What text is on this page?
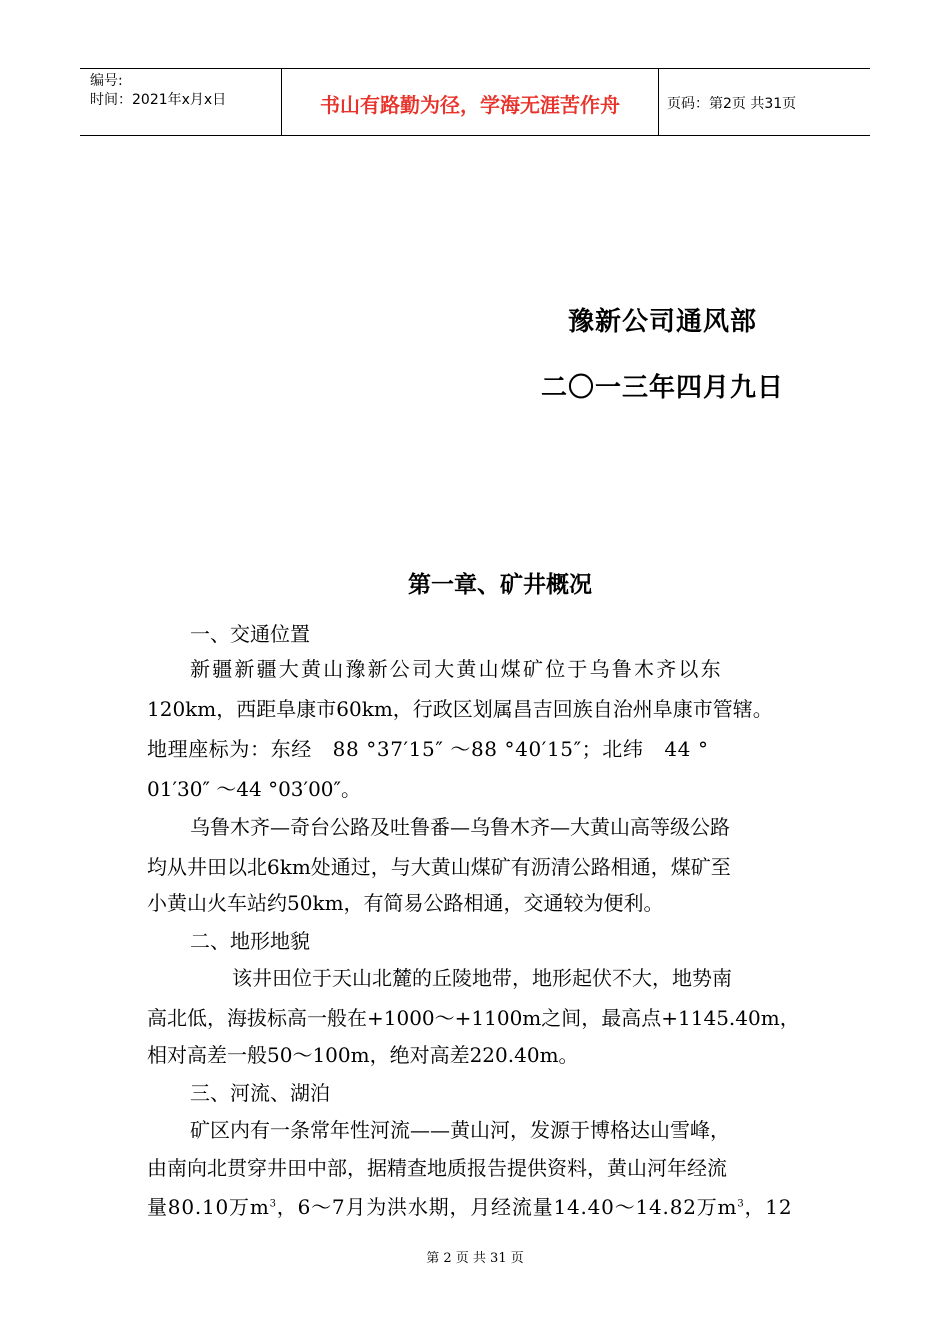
编号:
时间：2021年x月x日	书山有路勤为径，学海无涯苦作舟	页码：第2页 共31页
豫新公司通风部
二〇一三年四月九日
第一章、矿井概况
一、交通位置
新疆新疆大黄山豫新公司大黄山煤矿位于乌鲁木齐以东
120km，西距阜康市60km，行政区划属昌吉回族自治州阜康市管辖。
地理座标为：东经   88 °37′15″ ～88 °40′15″；北纬   44 °
01′30″ ～44 °03′00″。
乌鲁木齐—奇台公路及吐鲁番—乌鲁木齐—大黄山高等级公路
均从井田以北6km处通过，与大黄山煤矿有沥清公路相通，煤矿至
小黄山火车站约50km，有简易公路相通，交通较为便利。
二、地形地貌
该井田位于天山北麓的丘陵地带，地形起伏不大，地势南
高北低，海拔标高一般在+1000～+1100m之间，最高点+1145.40m，
相对高差一般50～100m，绝对高差220.40m。
三、河流、湖泊
矿区内有一条常年性河流——黄山河，发源于博格达山雪峰，
由南向北贯穿井田中部，据精查地质报告提供资料，黄山河年经流
量80.10万$m^3$，6～7月为洪水期，月经流量14.40～14.82万$m^3$，12
第 2 页 共 31 页
